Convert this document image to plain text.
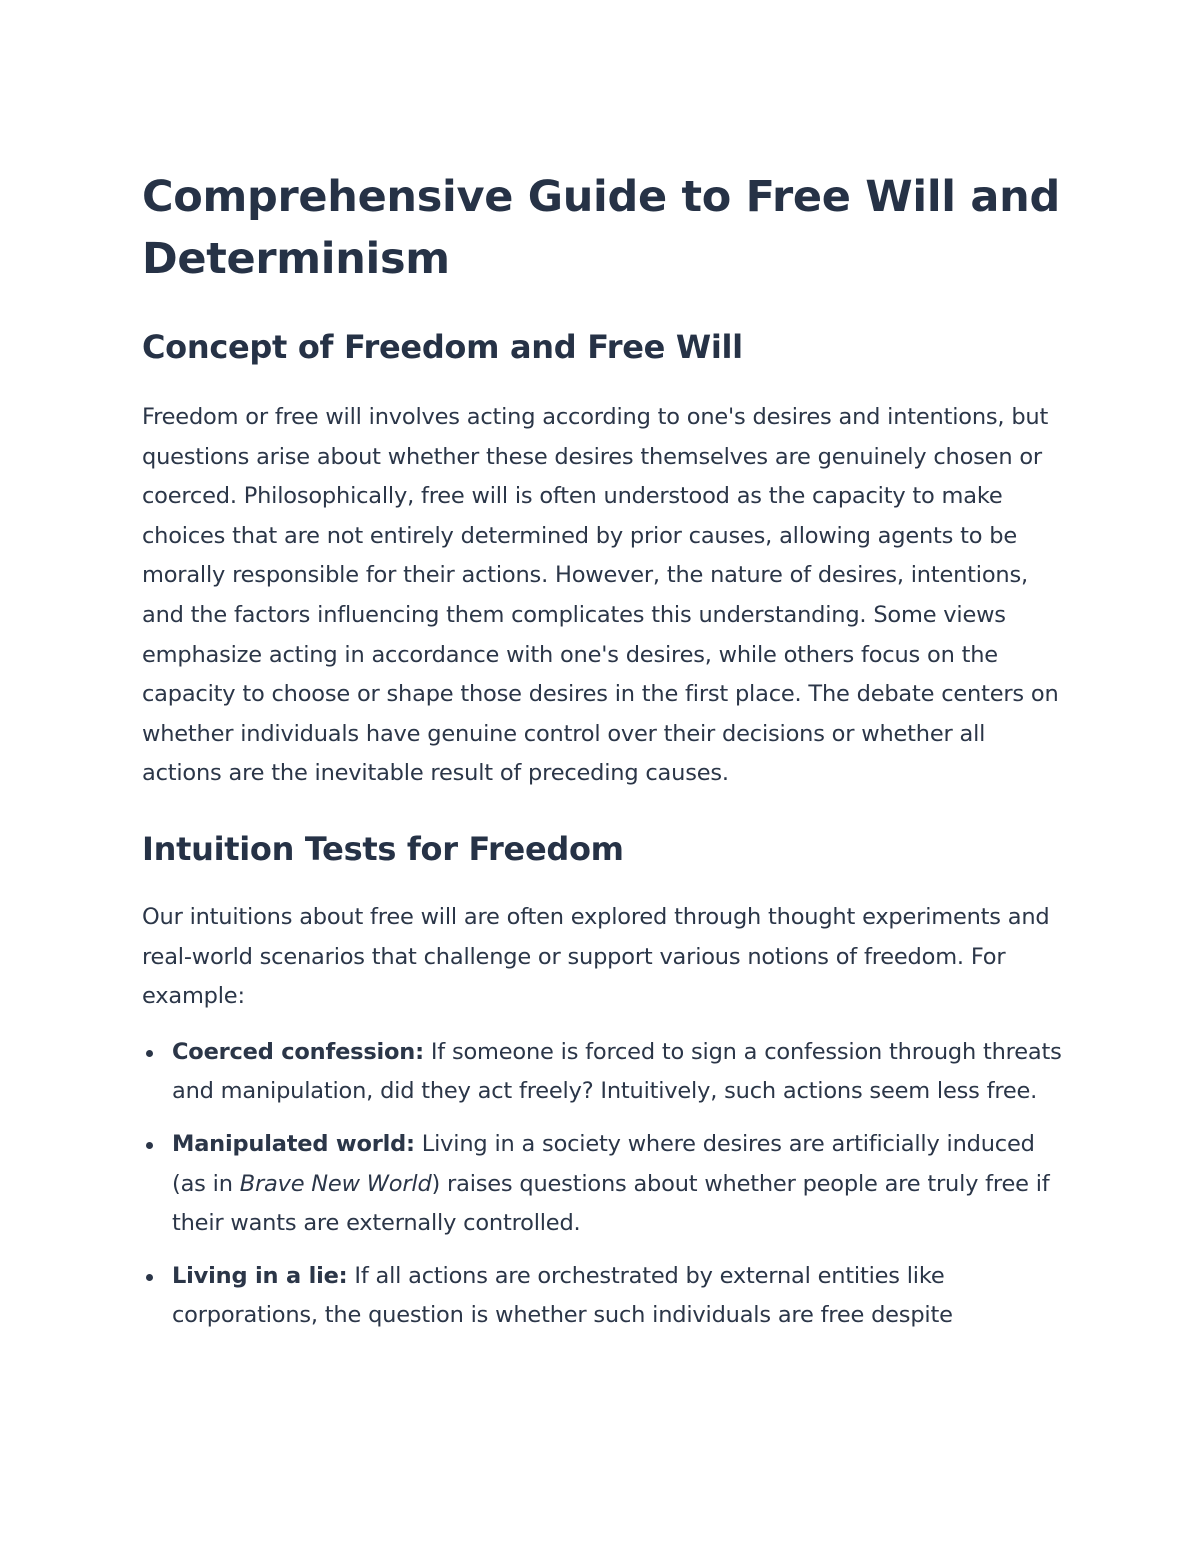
Comprehensive Guide to Free Will and Determinism
Concept of Freedom and Free Will

Freedom or free will involves acting according to one's desires and intentions, but questions arise about whether these desires themselves are genuinely chosen or coerced. Philosophically, free will is often understood as the capacity to make choices that are not entirely determined by prior causes, allowing agents to be morally responsible for their actions. However, the nature of desires, intentions, and the factors influencing them complicates this understanding. Some views emphasize acting in accordance with one's desires, while others focus on the capacity to choose or shape those desires in the first place. The debate centers on whether individuals have genuine control over their decisions or whether all actions are the inevitable result of preceding causes.

Intuition Tests for Freedom

Our intuitions about free will are often explored through thought experiments and real-world scenarios that challenge or support various notions of freedom. For example:

Coerced confession: If someone is forced to sign a confession through threats and manipulation, did they act freely? Intuitively, such actions seem less free.
Manipulated world: Living in a society where desires are artificially induced (as in Brave New World) raises questions about whether people are truly free if their wants are externally controlled.
Living in a lie: If all actions are orchestrated by external entities like corporations, the question is whether such individuals are free despite
